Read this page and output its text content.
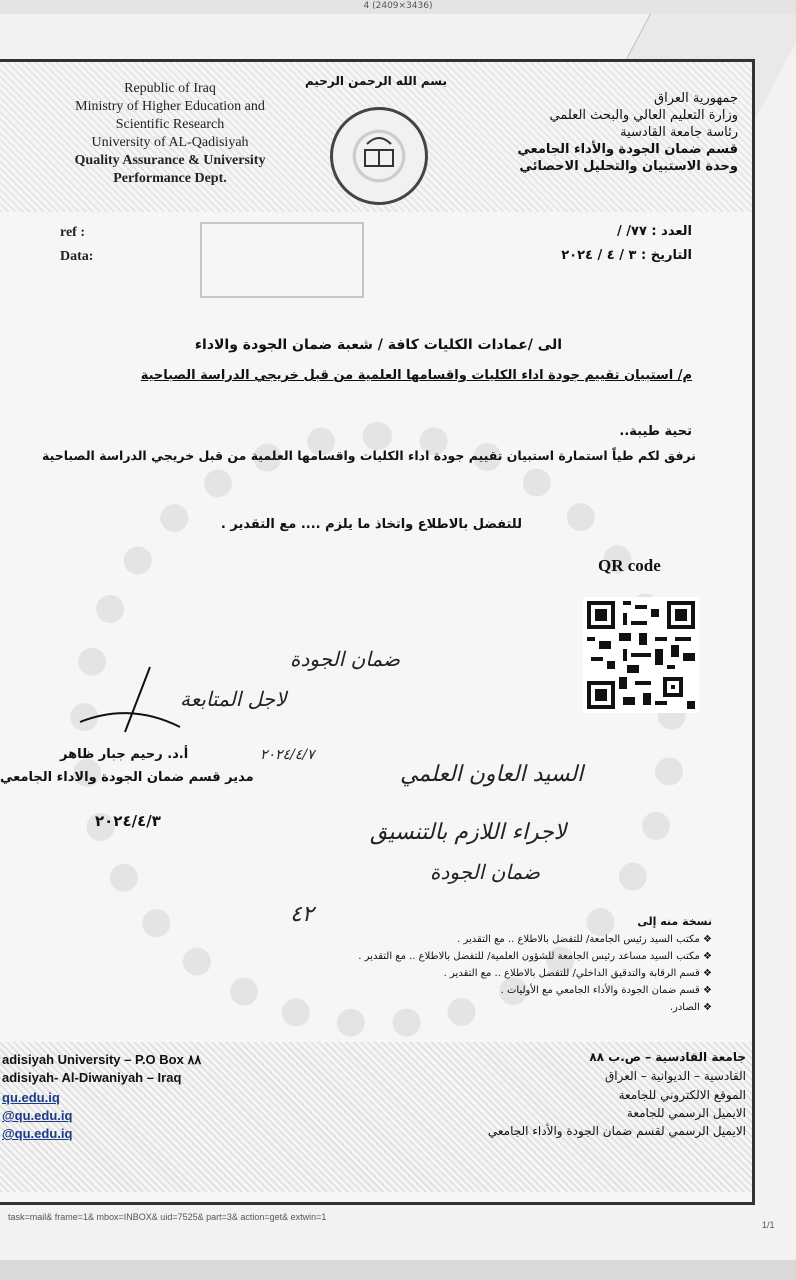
4 (2409×3436)
Republic of Iraq
Ministry of Higher Education and
Scientific Research
University of AL-Qadisiyah
Quality Assurance & University
Performance Dept.
بسم الله الرحمن الرحيم
جمهورية العراق
وزارة التعليم العالي والبحث العلمي
رئاسة جامعة القادسية
قسم ضمان الجودة والأداء الجامعي
وحدة الاستبيان والتحليل الاحصائي
ref :
Data:
العدد : ٧٧/ /
التاريخ : ٣ / ٤ / ٢٠٢٤
الى /عمادات الكليات كافة / شعبة ضمان الجودة والاداء
م/ استبيان تقييم جودة اداء الكليات واقسامها العلمية من قبل خريجي الدراسة الصباحية
تحية طيبة..
نرفق لكم طياً استمارة استبيان تقييم جودة اداء الكليات واقسامها العلمية من قبل خريجي الدراسة الصباحية
للتفضل بالاطلاع واتخاذ ما يلزم .... مع التقدير .
QR code
ضمان الجودة
لاجل المتابعة
٢٠٢٤/٤/٧
أ.د. رحيم جبار ظاهر
مدير قسم ضمان الجودة والاداء الجامعي
٢٠٢٤/٤/٣
السيد العاون العلمي
لاجراء اللازم بالتنسيق
ضمان الجودة
٤٢	نسخة منه إلى
❖ مكتب السيد رئيس الجامعة/ للتفضل بالاطلاع .. مع التقدير .
❖ مكتب السيد مساعد رئيس الجامعة للشؤون العلمية/ للتفضل بالاطلاع .. مع التقدير .
❖ قسم الرقابة والتدقيق الداخلي/ للتفضل بالاطلاع .. مع التقدير .
❖ قسم ضمان الجودة والأداء الجامعي مع الأوليات .
❖ الصادر.
adisiyah University – P.O Box ٨٨
adisiyah- Al-Diwaniyah – Iraq
qu.edu.iq
@qu.edu.iq
@qu.edu.iq
جامعة القادسية – ص.ب ٨٨
القادسية – الديوانية – العراق
الموقع الالكتروني للجامعة
الايميل الرسمي للجامعة
الايميل الرسمي لقسم ضمان الجودة والأداء الجامعي
task=mail& frame=1& mbox=INBOX& uid=7525& part=3& action=get& extwin=1
1/1
